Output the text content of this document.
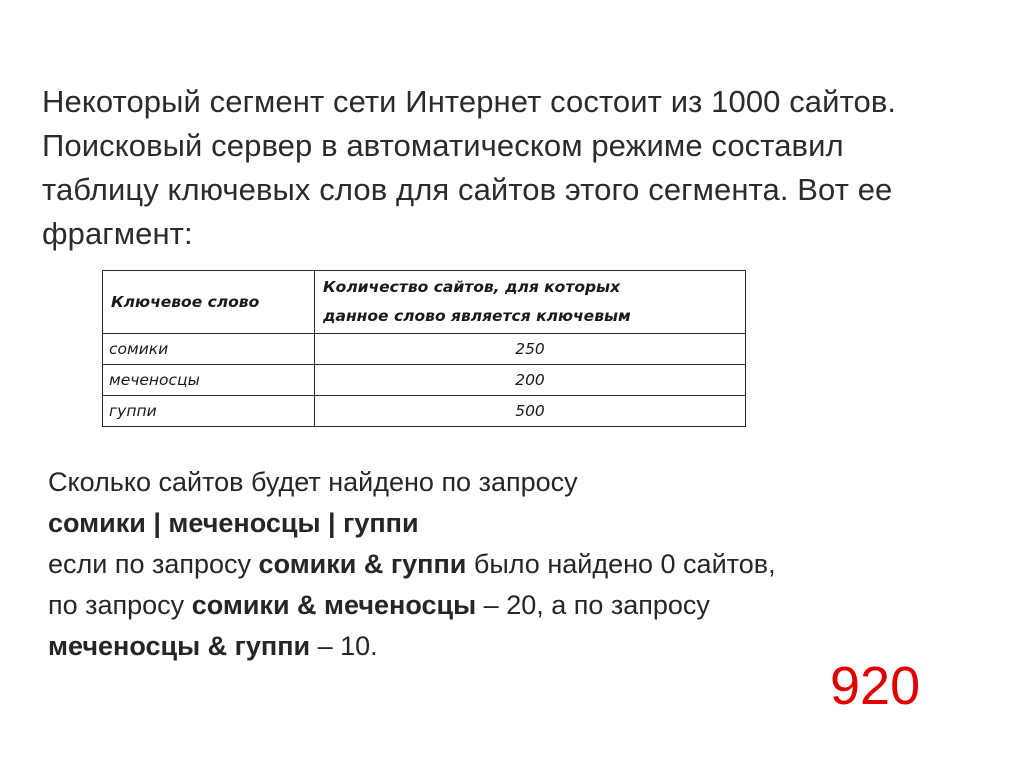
Некоторый сегмент сети Интернет состоит из 1000 сайтов.
Поисковый сервер в автоматическом режиме составил
таблицу ключевых слов для сайтов этого сегмента. Вот ее
фрагмент:
Ключевое слово	Количество сайтов, для которых
данное слово является ключевым
сомики	250
меченосцы	200
гуппи	500
Сколько сайтов будет найдено по запросу
сомики | меченосцы | гуппи
если по запросу сомики & гуппи было найдено 0 сайтов,
по запросу сомики & меченосцы – 20, а по запросу
меченосцы & гуппи – 10.
920
